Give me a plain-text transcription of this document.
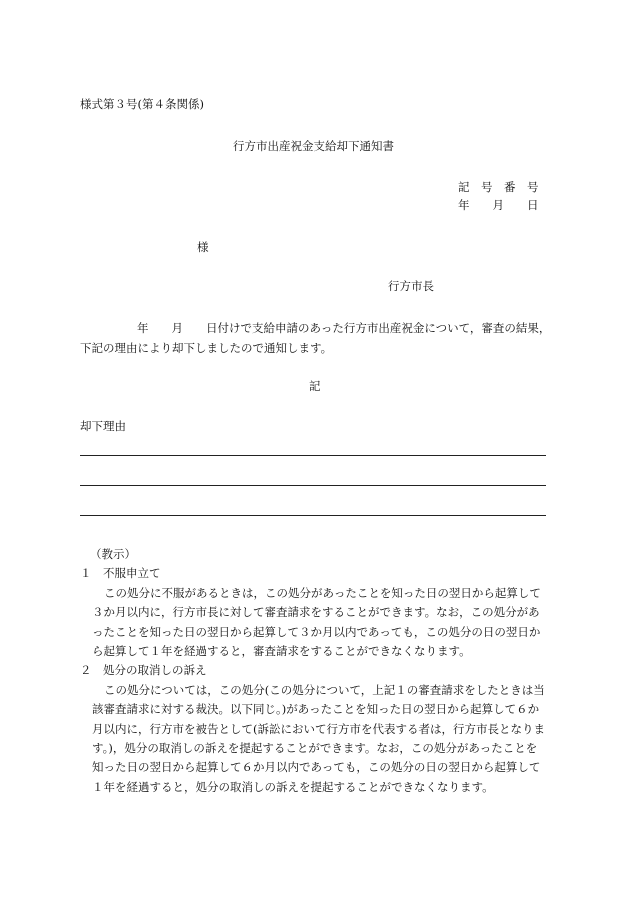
様式第３号(第４条関係)
行方市出産祝金支給却下通知書
記　号　番　号
年　　月　　日
様
行方市長
年　　月　　日付けで支給申請のあった行方市出産祝金について，審査の結果，
下記の理由により却下しましたので通知します。
記
却下理由
（教示）
１　不服申立て
この処分に不服があるときは，この処分があったことを知った日の翌日から起算して
３か月以内に，行方市長に対して審査請求をすることができます。なお，この処分があ
ったことを知った日の翌日から起算して３か月以内であっても，この処分の日の翌日か
ら起算して１年を経過すると，審査請求をすることができなくなります。
２　処分の取消しの訴え
この処分については，この処分(この処分について，上記１の審査請求をしたときは当
該審査請求に対する裁決。以下同じ。)があったことを知った日の翌日から起算して６か
月以内に，行方市を被告として(訴訟において行方市を代表する者は，行方市長となりま
す。)，処分の取消しの訴えを提起することができます。なお，この処分があったことを
知った日の翌日から起算して６か月以内であっても，この処分の日の翌日から起算して
１年を経過すると，処分の取消しの訴えを提起することができなくなります。
